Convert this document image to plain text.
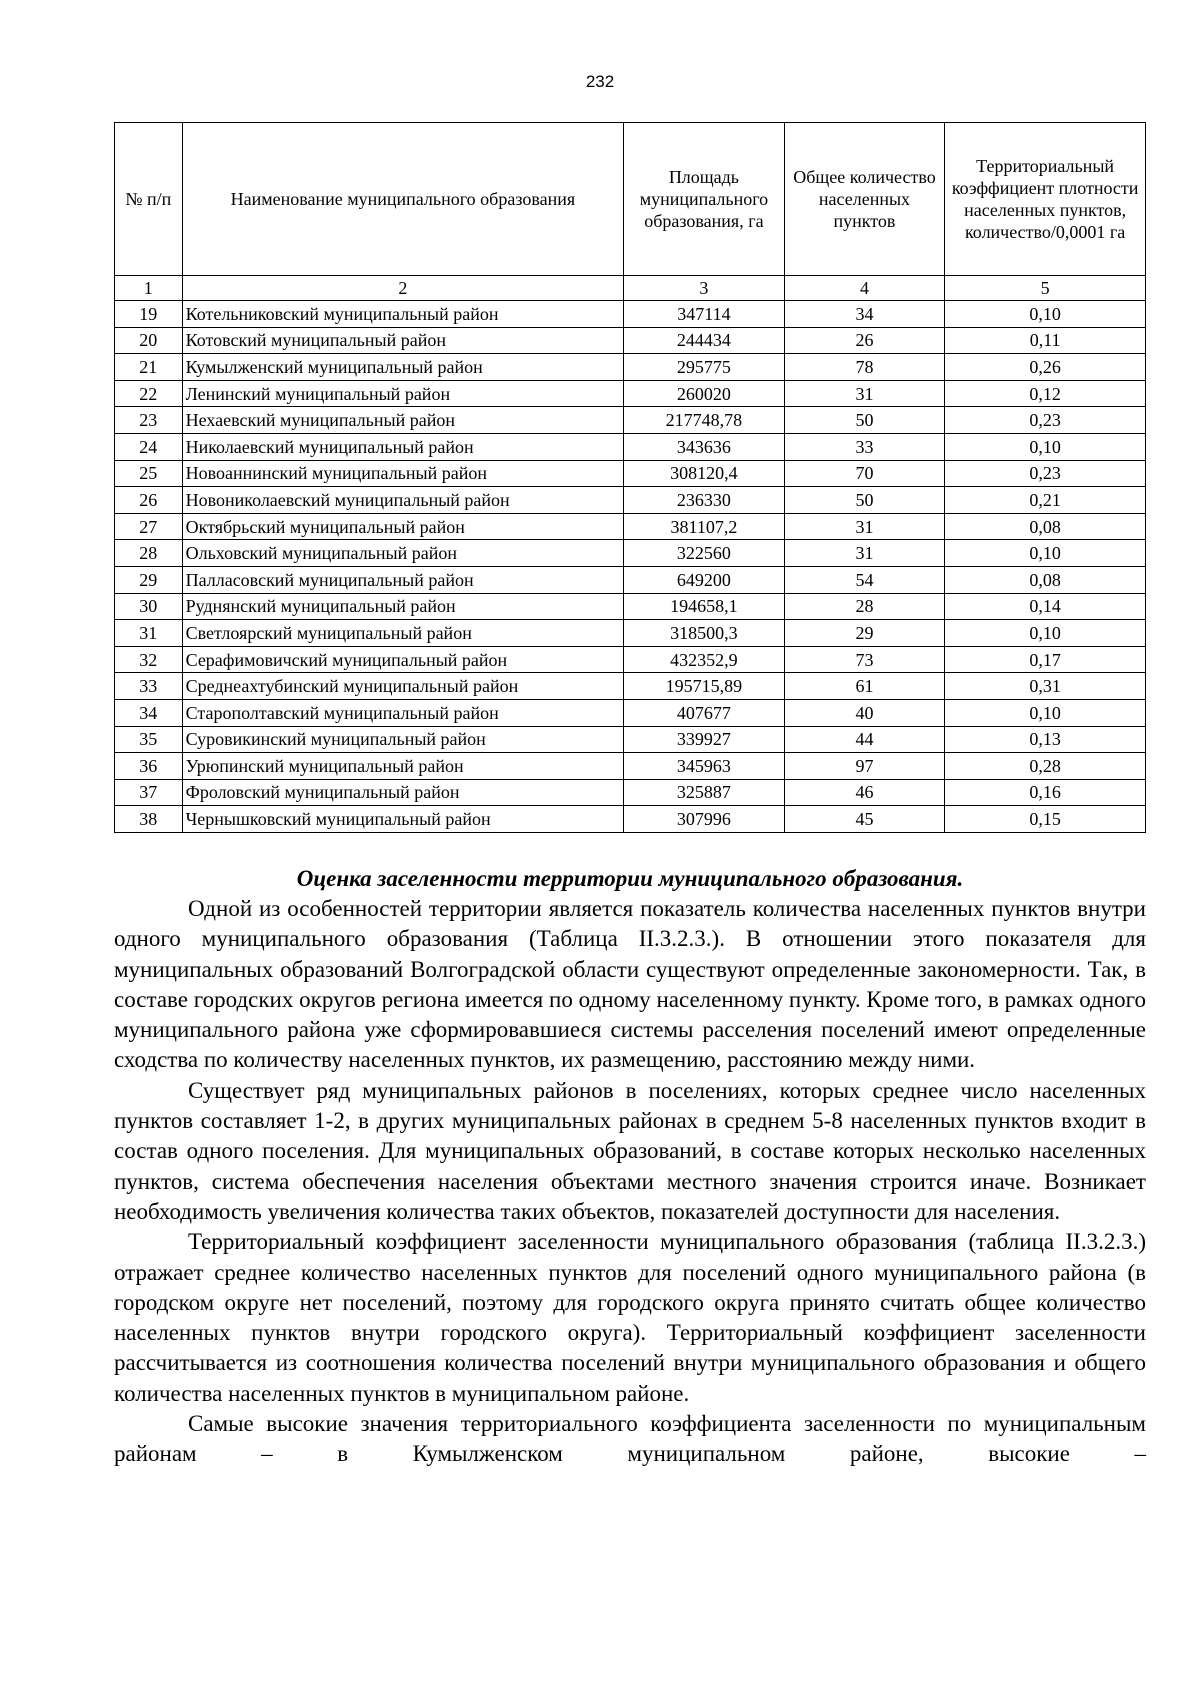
232
№ п/п	Наименование муниципального образования	Площадь муниципального образования, га	Общее количество населенных пунктов	Территориальный коэффициент плотности населенных пунктов, количество/0,0001 га
1	2	3	4	5
19	Котельниковский муниципальный район	347114	34	0,10
20	Котовский муниципальный район	244434	26	0,11
21	Кумылженский муниципальный район	295775	78	0,26
22	Ленинский муниципальный район	260020	31	0,12
23	Нехаевский муниципальный район	217748,78	50	0,23
24	Николаевский муниципальный район	343636	33	0,10
25	Новоаннинский муниципальный район	308120,4	70	0,23
26	Новониколаевский муниципальный район	236330	50	0,21
27	Октябрьский муниципальный район	381107,2	31	0,08
28	Ольховский муниципальный район	322560	31	0,10
29	Палласовский муниципальный район	649200	54	0,08
30	Руднянский муниципальный район	194658,1	28	0,14
31	Светлоярский муниципальный район	318500,3	29	0,10
32	Серафимовичский муниципальный район	432352,9	73	0,17
33	Среднеахтубинский муниципальный район	195715,89	61	0,31
34	Старополтавский муниципальный район	407677	40	0,10
35	Суровикинский муниципальный район	339927	44	0,13
36	Урюпинский муниципальный район	345963	97	0,28
37	Фроловский муниципальный район	325887	46	0,16
38	Чернышковский муниципальный район	307996	45	0,15
Оценка заселенности территории муниципального образования.

Одной из особенностей территории является показатель количества населенных пунктов внутри одного муниципального образования (Таблица II.3.2.3.). В отношении этого показателя для муниципальных образований Волгоградской области существуют определенные закономерности. Так, в составе городских округов региона имеется по одному населенному пункту. Кроме того, в рамках одного муниципального района уже сформировавшиеся системы расселения поселений имеют определенные сходства по количеству населенных пунктов, их размещению, расстоянию между ними.

Существует ряд муниципальных районов в поселениях, которых среднее число населенных пунктов составляет 1-2, в других муниципальных районах в среднем 5-8 населенных пунктов входит в состав одного поселения. Для муниципальных образований, в составе которых несколько населенных пунктов, система обеспечения населения объектами местного значения строится иначе. Возникает необходимость увеличения количества таких объектов, показателей доступности для населения.

Территориальный коэффициент заселенности муниципального образования (таблица II.3.2.3.) отражает среднее количество населенных пунктов для поселений одного муниципального района (в городском округе нет поселений, поэтому для городского округа принято считать общее количество населенных пунктов внутри городского округа). Территориальный коэффициент заселенности рассчитывается из соотношения количества поселений внутри муниципального образования и общего количества населенных пунктов в муниципальном районе.

Самые высокие значения территориального коэффициента заселенности по муниципальным районам – в Кумылженском муниципальном районе, высокие –
